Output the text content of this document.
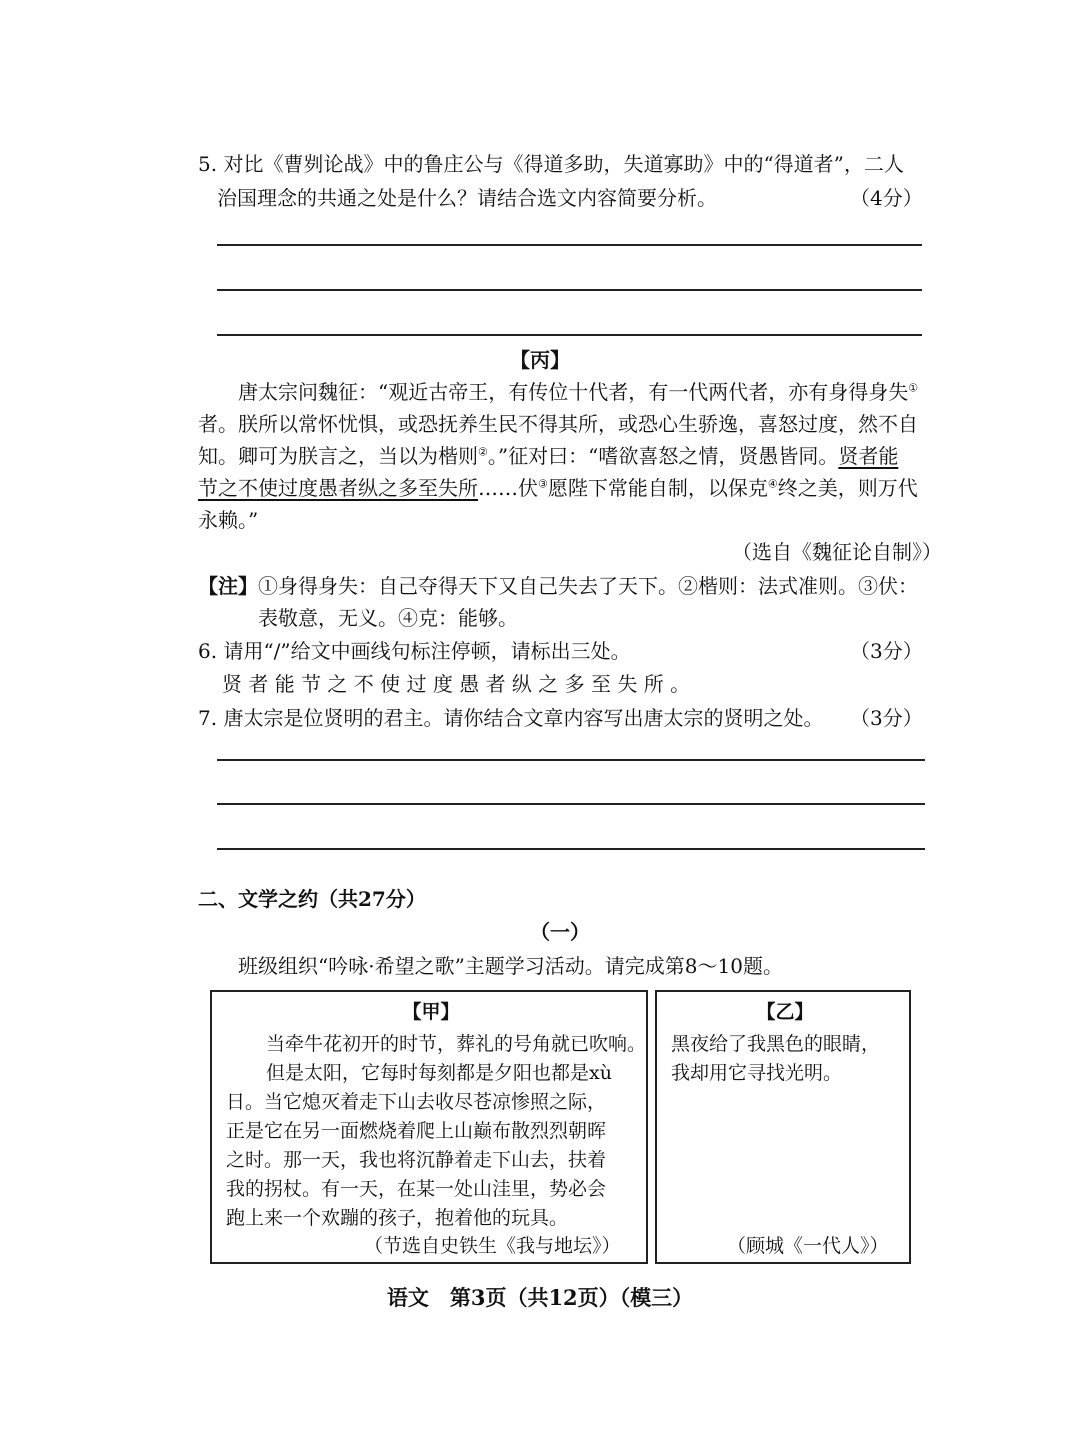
5. 对比《曹刿论战》中的鲁庄公与《得道多助，失道寡助》中的“得道者”，二人
治国理念的共通之处是什么？请结合选文内容简要分析。	（4分）
【丙】
唐太宗问魏征：“观近古帝王，有传位十代者，有一代两代者，亦有身得身失①
者。朕所以常怀忧惧，或恐抚养生民不得其所，或恐心生骄逸，喜怒过度，然不自
知。卿可为朕言之，当以为楷则②。”征对曰：“嗜欲喜怒之情，贤愚皆同。贤者能
节之不使过度愚者纵之多至失所……伏③愿陛下常能自制，以保克④终之美，则万代
永赖。”
（选自《魏征论自制》）
【注】①身得身失：自己夺得天下又自己失去了天下。②楷则：法式准则。③伏：
表敬意，无义。④克：能够。
6. 请用“/”给文中画线句标注停顿，请标出三处。	（3分）
贤 者 能 节 之 不 使 过 度 愚 者 纵 之 多 至 失 所 。
7. 唐太宗是位贤明的君主。请你结合文章内容写出唐太宗的贤明之处。 （3分）
二、文学之约（共27分）
（一）
班级组织“吟咏·希望之歌”主题学习活动。请完成第8～10题。
【甲】
当牵牛花初开的时节，葬礼的号角就已吹响。
但是太阳，它每时每刻都是夕阳也都是xù
日。当它熄灭着走下山去收尽苍凉惨照之际，
正是它在另一面燃烧着爬上山巅布散烈烈朝晖
之时。那一天，我也将沉静着走下山去，扶着
我的拐杖。有一天，在某一处山洼里，势必会
跑上来一个欢蹦的孩子，抱着他的玩具。
（节选自史铁生《我与地坛》）
【乙】
黑夜给了我黑色的眼睛，
我却用它寻找光明。
（顾城《一代人》）
语文　第3页（共12页）（模三）
